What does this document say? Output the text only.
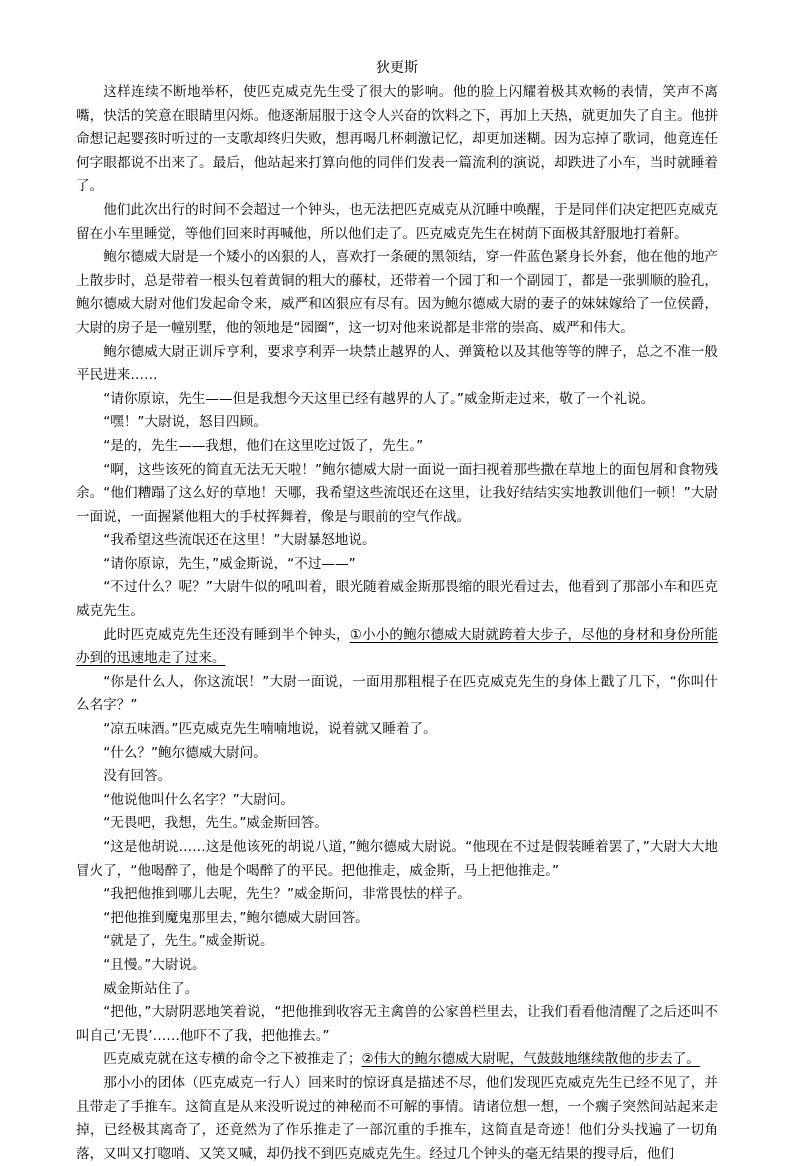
狄更斯

这样连续不断地举杯，使匹克威克先生受了很大的影响。他的脸上闪耀着极其欢畅的表情，笑声不离嘴，快活的笑意在眼睛里闪烁。他逐渐屈服于这令人兴奋的饮料之下，再加上天热，就更加失了自主。他拼命想记起婴孩时听过的一支歌却终归失败，想再喝几杯刺激记忆，却更加迷糊。因为忘掉了歌词，他竟连任何字眼都说不出来了。最后，他站起来打算向他的同伴们发表一篇流利的演说，却跌进了小车，当时就睡着了。

他们此次出行的时间不会超过一个钟头，也无法把匹克威克从沉睡中唤醒，于是同伴们决定把匹克威克留在小车里睡觉，等他们回来时再喊他，所以他们走了。匹克威克先生在树荫下面极其舒服地打着鼾。

鲍尔德威大尉是一个矮小的凶狠的人，喜欢打一条硬的黑领结，穿一件蓝色紧身长外套，他在他的地产上散步时，总是带着一根头包着黄铜的粗大的藤杖，还带着一个园丁和一个副园丁，都是一张驯顺的脸孔，鲍尔德威大尉对他们发起命令来，威严和凶狠应有尽有。因为鲍尔德威大尉的妻子的妹妹嫁给了一位侯爵，大尉的房子是一幢别墅，他的领地是“园圈”，这一切对他来说都是非常的崇高、威严和伟大。

鲍尔德威大尉正训斥亨利，要求亨利弄一块禁止越界的人、弹簧枪以及其他等等的牌子，总之不准一般平民进来……

“请你原谅，先生——但是我想今天这里已经有越界的人了。”威金斯走过来，敬了一个礼说。

“嘿！”大尉说，怒目四顾。

“是的，先生——我想，他们在这里吃过饭了，先生。”

“啊，这些该死的简直无法无天啦！”鲍尔德威大尉一面说一面扫视着那些撒在草地上的面包屑和食物残余。“他们糟蹋了这么好的草地！天哪，我希望这些流氓还在这里，让我好结结实实地教训他们一顿！”大尉一面说，一面握紧他粗大的手杖挥舞着，像是与眼前的空气作战。

“我希望这些流氓还在这里！”大尉暴怒地说。

“请你原谅，先生，”威金斯说，“不过——”

“不过什么？呢？”大尉牛似的吼叫着，眼光随着威金斯那畏缩的眼光看过去，他看到了那部小车和匹克威克先生。

此时匹克威克先生还没有睡到半个钟头，①小小的鲍尔德威大尉就跨着大步子，尽他的身材和身份所能办到的迅速地走了过来。

“你是什么人，你这流氓！”大尉一面说，一面用那粗棍子在匹克威克先生的身体上戳了几下，“你叫什么名字？”

“凉五味酒。”匹克威克先生喃喃地说，说着就又睡着了。

“什么？”鲍尔德威大尉问。

没有回答。

“他说他叫什么名字？”大尉问。

“无畏吧，我想，先生。”威金斯回答。

“这是他胡说……这是他该死的胡说八道，”鲍尔德威大尉说。“他现在不过是假装睡着罢了，”大尉大大地冒火了，“他喝醉了，他是个喝醉了的平民。把他推走，威金斯，马上把他推走。”

“我把他推到哪儿去呢，先生？”威金斯问，非常畏怯的样子。

“把他推到魔鬼那里去，”鲍尔德威大尉回答。

“就是了，先生。”威金斯说。

“且慢。”大尉说。

威金斯站住了。

“把他，”大尉阴恶地笑着说，“把他推到收容无主禽兽的公家兽栏里去，让我们看看他清醒了之后还叫不叫自己‘无畏’……他吓不了我，把他推去。”

匹克威克就在这专横的命令之下被推走了；②伟大的鲍尔德威大尉呢，气鼓鼓地继续散他的步去了。

那小小的团体（匹克威克一行人）回来时的惊讶真是描述不尽，他们发现匹克威克先生已经不见了，并且带走了手推车。这简直是从来没听说过的神秘而不可解的事情。请诸位想一想，一个瘸子突然间站起来走掉，已经极其离奇了，还竟然为了作乐推走了一部沉重的手推车，这简直是奇迹！他们分头找遍了一切角落，又叫又打唿哨、又笑又喊，却仍找不到匹克威克先生。经过几个钟头的毫无结果的搜寻后，他们
